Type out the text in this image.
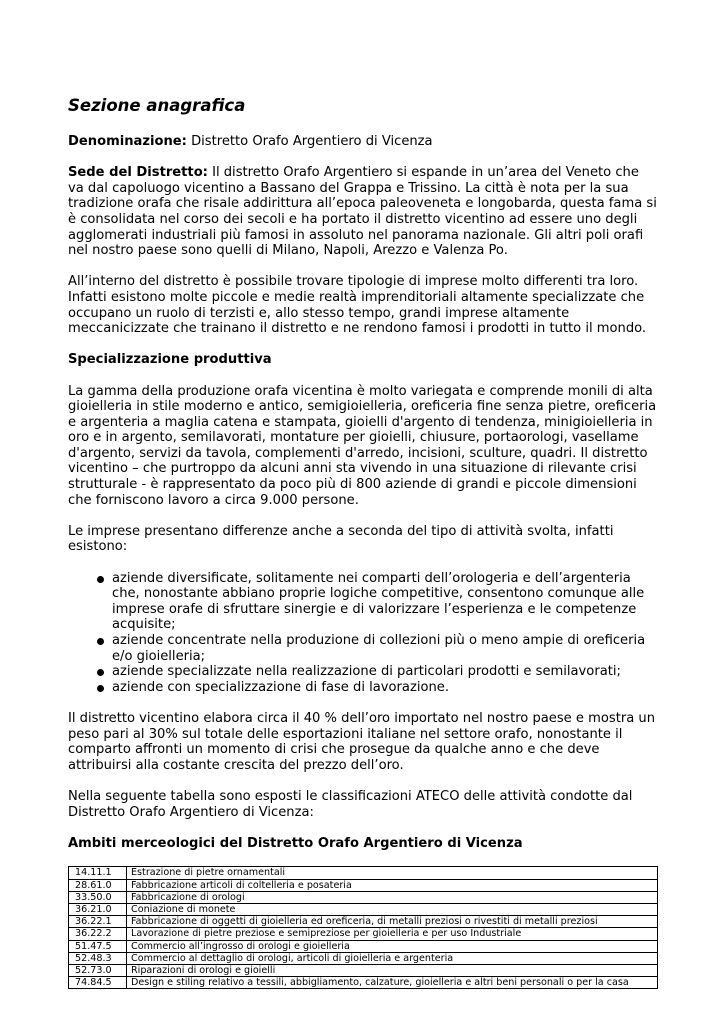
Sezione anagrafica

Denominazione: Distretto Orafo Argentiero di Vicenza

Sede del Distretto: Il distretto Orafo Argentiero si espande in un’area del Veneto che va dal capoluogo vicentino a Bassano del Grappa e Trissino. La città è nota per la sua tradizione orafa che risale addirittura all’epoca paleoveneta e longobarda, questa fama si è consolidata nel corso dei secoli e ha portato il distretto vicentino ad essere uno degli agglomerati industriali più famosi in assoluto nel panorama nazionale. Gli altri poli orafi nel nostro paese sono quelli di Milano, Napoli, Arezzo e Valenza Po.

All’interno del distretto è possibile trovare tipologie di imprese molto differenti tra loro. Infatti esistono molte piccole e medie realtà imprenditoriali altamente specializzate che occupano un ruolo di terzisti e, allo stesso tempo, grandi imprese altamente meccanicizzate che trainano il distretto e ne rendono famosi i prodotti in tutto il mondo.

Specializzazione produttiva

La gamma della produzione orafa vicentina è molto variegata e comprende monili di alta gioielleria in stile moderno e antico, semigioielleria, oreficeria fine senza pietre, oreficeria e argenteria a maglia catena e stampata, gioielli d'argento di tendenza, minigioielleria in oro e in argento, semilavorati, montature per gioielli, chiusure, portaorologi, vasellame d'argento, servizi da tavola, complementi d'arredo, incisioni, sculture, quadri. Il distretto vicentino – che purtroppo da alcuni anni sta vivendo in una situazione di rilevante crisi strutturale - è rappresentato da poco più di 800 aziende di grandi e piccole dimensioni che forniscono lavoro a circa 9.000 persone.

Le imprese presentano differenze anche a seconda del tipo di attività svolta, infatti esistono:

aziende diversificate, solitamente nei comparti dell’orologeria e dell’argenteria che, nonostante abbiano proprie logiche competitive, consentono comunque alle imprese orafe di sfruttare sinergie e di valorizzare l’esperienza e le competenze acquisite;
aziende concentrate nella produzione di collezioni più o meno ampie di oreficeria e/o gioielleria;
aziende specializzate nella realizzazione di particolari prodotti e semilavorati;
aziende con specializzazione di fase di lavorazione.

Il distretto vicentino elabora circa il 40 % dell’oro importato nel nostro paese e mostra un peso pari al 30% sul totale delle esportazioni italiane nel settore orafo, nonostante il comparto affronti un momento di crisi che prosegue da qualche anno e che deve attribuirsi alla costante crescita del prezzo dell’oro.

Nella seguente tabella sono esposti le classificazioni ATECO delle attività condotte dal Distretto Orafo Argentiero di Vicenza:

Ambiti merceologici del Distretto Orafo Argentiero di Vicenza
14.11.1	Estrazione di pietre ornamentali
28.61.0	Fabbricazione articoli di coltelleria e posateria
33.50.0	Fabbricazione di orologi
36.21.0	Coniazione di monete
36.22.1	Fabbricazione di oggetti di gioielleria ed oreficeria, di metalli preziosi o rivestiti di metalli preziosi
36.22.2	Lavorazione di pietre preziose e semipreziose per gioielleria e per uso Industriale
51.47.5	Commercio all’ingrosso di orologi e gioielleria
52.48.3	Commercio al dettaglio di orologi, articoli di gioielleria e argenteria
52.73.0	Riparazioni di orologi e gioielli
74.84.5	Design e stiling relativo a tessili, abbigliamento, calzature, gioielleria e altri beni personali o per la casa
